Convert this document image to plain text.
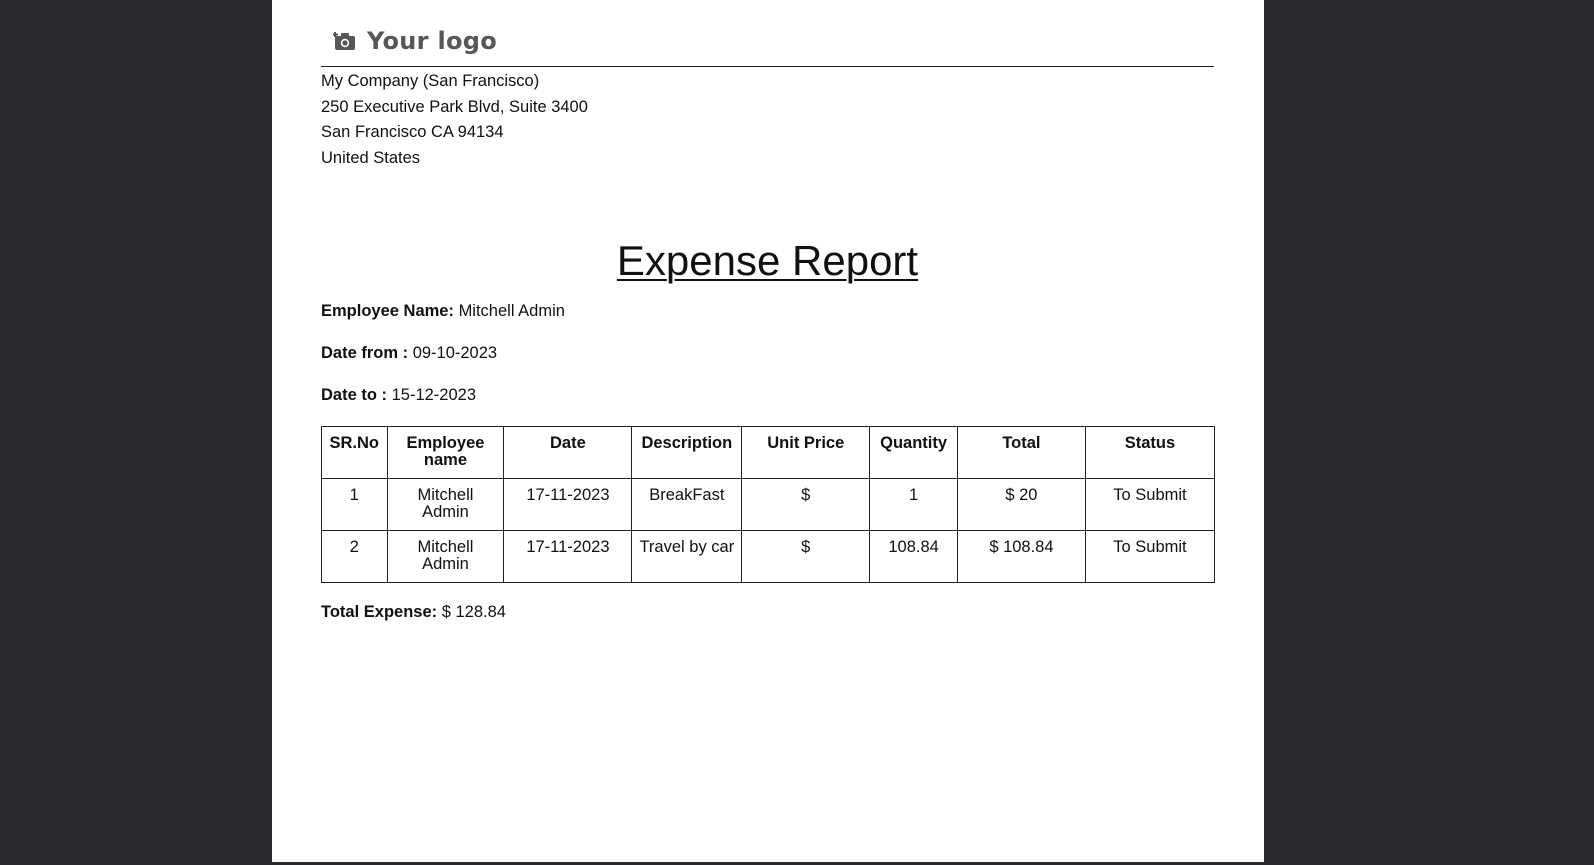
Your logo
My Company (San Francisco)
250 Executive Park Blvd, Suite 3400
San Francisco CA 94134
United States
Expense Report
Employee Name: Mitchell Admin
Date from : 09-10-2023
Date to : 15-12-2023
SR.No	Employee name	Date	Description	Unit Price	Quantity	Total	Status
1	Mitchell Admin	17-11-2023	BreakFast	$	1	$ 20	To Submit
2	Mitchell Admin	17-11-2023	Travel by car	$	108.84	$ 108.84	To Submit
Total Expense: $ 128.84
